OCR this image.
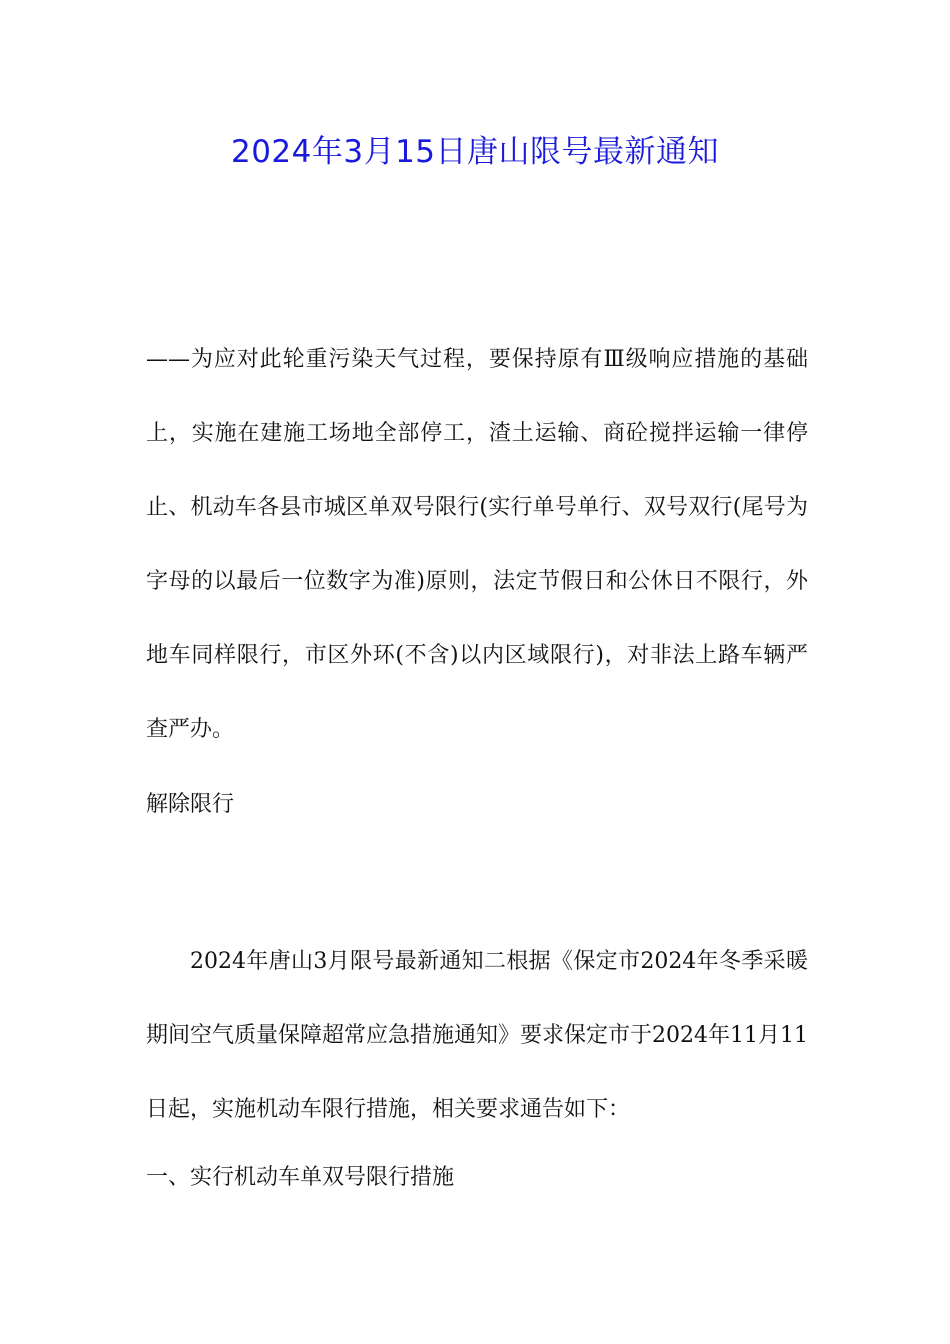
2024年3月15日唐山限号最新通知
——为应对此轮重污染天气过程，要保持原有Ⅲ级响应措施的基础上，实施在建施工场地全部停工，渣土运输、商砼搅拌运输一律停止、机动车各县市城区单双号限行(实行单号单行、双号双行(尾号为字母的以最后一位数字为准)原则，法定节假日和公休日不限行，外地车同样限行，市区外环(不含)以内区域限行)，对非法上路车辆严查严办。
解除限行
2024年唐山3月限号最新通知二根据《保定市2024年冬季采暖期间空气质量保障超常应急措施通知》要求保定市于2024年11月11日起，实施机动车限行措施，相关要求通告如下：
一、实行机动车单双号限行措施
